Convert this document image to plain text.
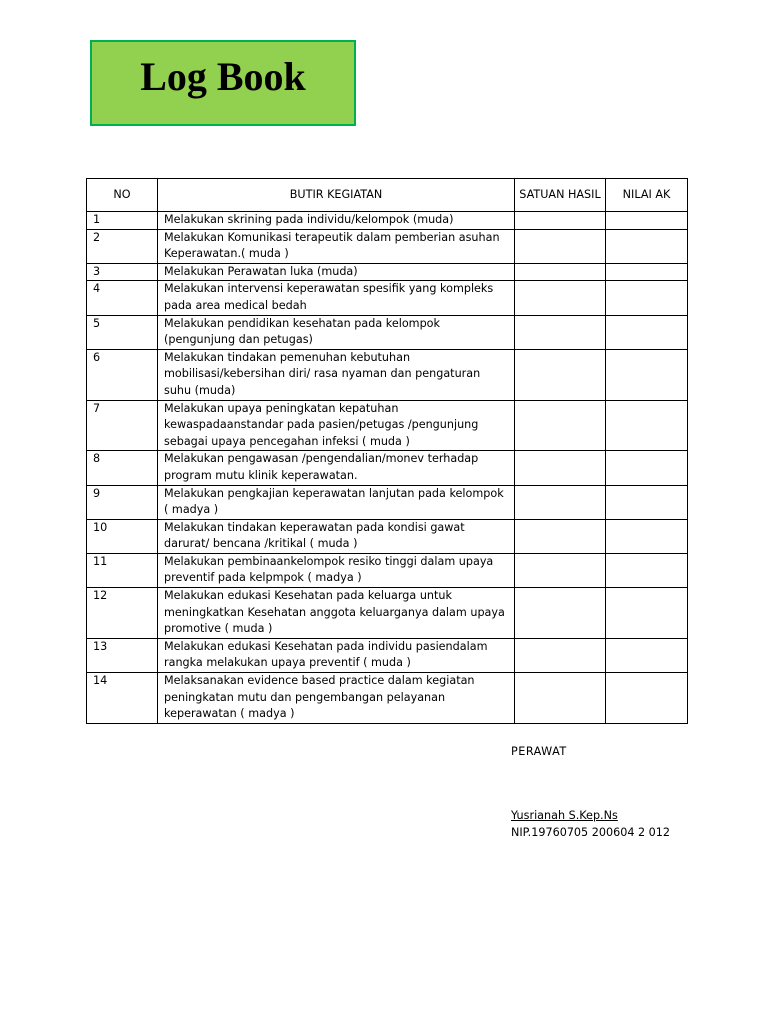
Log Book
NO	BUTIR KEGIATAN	SATUAN HASIL	NILAI AK
1	Melakukan skrining pada individu/kelompok (muda)		
2	Melakukan Komunikasi terapeutik dalam pemberian asuhan Keperawatan.( muda )		
3	Melakukan Perawatan luka (muda)		
4	Melakukan intervensi keperawatan spesifik yang kompleks pada area medical bedah		
5	Melakukan pendidikan kesehatan pada kelompok (pengunjung dan petugas)		
6	Melakukan tindakan pemenuhan kebutuhan mobilisasi/kebersihan diri/ rasa nyaman dan pengaturan suhu (muda)		
7	Melakukan upaya peningkatan kepatuhan kewaspadaanstandar pada pasien/petugas /pengunjung sebagai upaya pencegahan infeksi ( muda )		
8	Melakukan pengawasan /pengendalian/monev terhadap program mutu klinik keperawatan.		
9	Melakukan pengkajian keperawatan lanjutan pada kelompok ( madya )		
10	Melakukan tindakan keperawatan pada kondisi gawat darurat/ bencana /kritikal ( muda )		
11	Melakukan pembinaankelompok resiko tinggi dalam upaya preventif pada kelpmpok ( madya )		
12	Melakukan edukasi Kesehatan pada keluarga untuk meningkatkan Kesehatan anggota keluarganya dalam upaya promotive ( muda )		
13	Melakukan edukasi Kesehatan pada individu pasiendalam rangka melakukan upaya preventif ( muda )		
14	Melaksanakan evidence based practice dalam kegiatan peningkatan mutu dan pengembangan pelayanan keperawatan ( madya )		
PERAWAT
Yusrianah S.Kep.Ns
NIP.19760705 200604 2 012
